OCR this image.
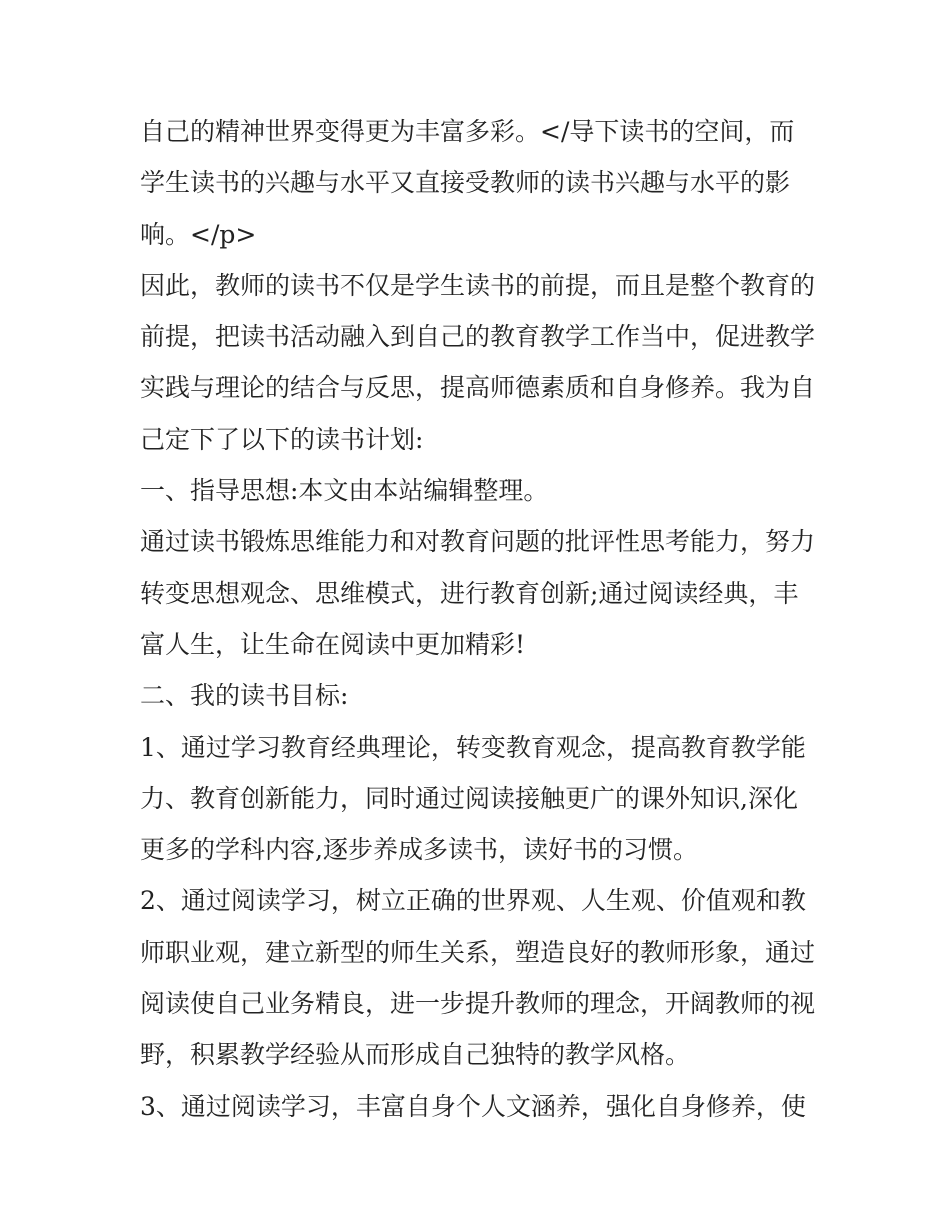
自己的精神世界变得更为丰富多彩。</导下读书的空间，而
学生读书的兴趣与水平又直接受教师的读书兴趣与水平的影
响。</p>
因此，教师的读书不仅是学生读书的前提，而且是整个教育的
前提，把读书活动融入到自己的教育教学工作当中，促进教学
实践与理论的结合与反思，提高师德素质和自身修养。我为自
己定下了以下的读书计划:
一、指导思想:本文由本站编辑整理。
通过读书锻炼思维能力和对教育问题的批评性思考能力，努力
转变思想观念、思维模式，进行教育创新;通过阅读经典，丰
富人生，让生命在阅读中更加精彩!
二、我的读书目标:
1、通过学习教育经典理论，转变教育观念，提高教育教学能
力、教育创新能力，同时通过阅读接触更广的课外知识,深化
更多的学科内容,逐步养成多读书，读好书的习惯。
2、通过阅读学习，树立正确的世界观、人生观、价值观和教
师职业观，建立新型的师生关系，塑造良好的教师形象，通过
阅读使自己业务精良，进一步提升教师的理念，开阔教师的视
野，积累教学经验从而形成自己独特的教学风格。
3、通过阅读学习，丰富自身个人文涵养，强化自身修养，使
